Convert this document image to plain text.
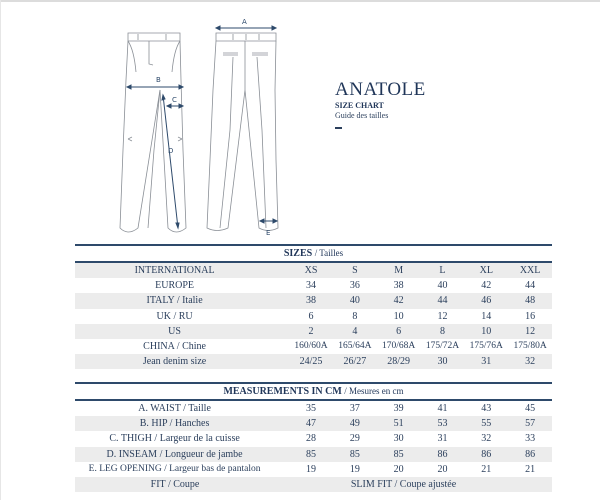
B
C
D
A
E
ANATOLE
SIZE CHART
Guide des tailles
SIZES / Tailles
INTERNATIONAL	XS	S	M	L	XL	XXL
EUROPE	34	36	38	40	42	44
ITALY / Italie	38	40	42	44	46	48
UK / RU	6	8	10	12	14	16
US	2	4	6	8	10	12
CHINA / Chine	160/60A	165/64A	170/68A	175/72A	175/76A	175/80A
Jean denim size	24/25	26/27	28/29	30	31	32
MEASUREMENTS IN CM / Mesures en cm
A. WAIST / Taille	35	37	39	41	43	45
B. HIP / Hanches	47	49	51	53	55	57
C. THIGH / Largeur de la cuisse	28	29	30	31	32	33
D. INSEAM / Longueur de jambe	85	85	85	86	86	86
E. LEG OPENING / Largeur bas de pantalon	19	19	20	20	21	21
FIT / Coupe	SLIM FIT / Coupe ajustée
